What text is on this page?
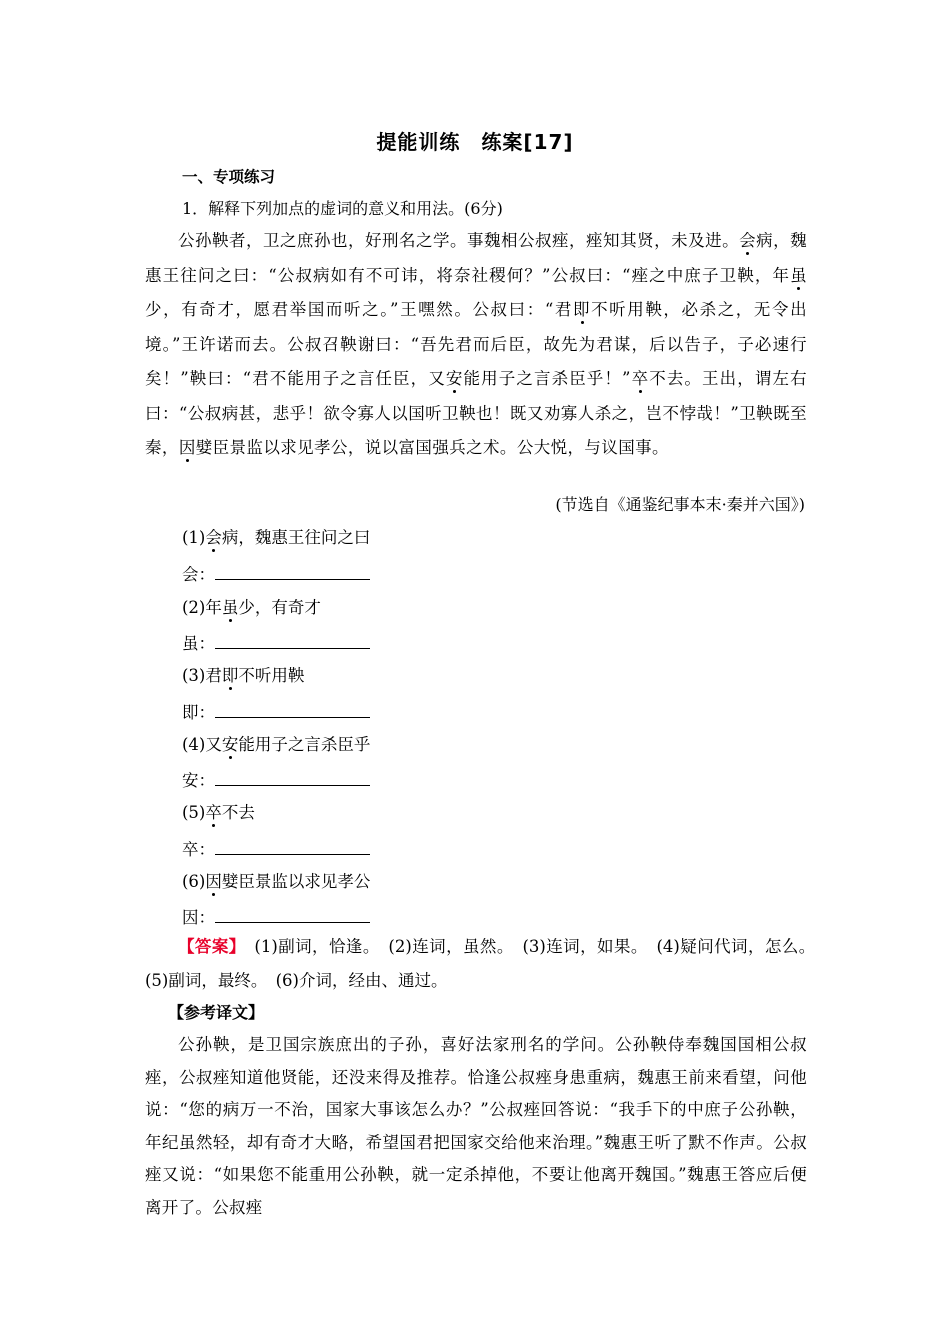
提能训练　 练案[17]
一、专项练习
1．解释下列加点的虚词的意义和用法。(6分)
公孙鞅者，卫之庶孙也，好刑名之学。事魏相公叔痤，痤知其贤，未及进。会病，魏惠王往问之曰：“公叔病如有不可讳，将奈社稷何？”公叔曰：“痤之中庶子卫鞅，年虽少，有奇才，愿君举国而听之。”王嘿然。公叔曰：“君即不听用鞅，必杀之，无令出境。”王许诺而去。公叔召鞅谢曰：“吾先君而后臣，故先为君谋，后以告子，子必速行矣！”鞅曰：“君不能用子之言任臣，又安能用子之言杀臣乎！”卒不去。王出，谓左右曰：“公叔病甚，悲乎！欲令寡人以国听卫鞅也！既又劝寡人杀之，岂不悖哉！”卫鞅既至秦，因嬖臣景监以求见孝公，说以富国强兵之术。公大悦，与议国事。
(节选自《通鉴纪事本末·秦并六国》)
(1)会病，魏惠王往问之曰
会：
(2)年虽少，有奇才
虽：
(3)君即不听用鞅
即：
(4)又安能用子之言杀臣乎
安：
(5)卒不去
卒：
(6)因嬖臣景监以求见孝公
因：
【答案】　 (1)副词，恰逢。　(2)连词，虽然。　(3)连词，如果。　(4)疑问代词，怎么。　(5)副词，最终。　(6)介词，经由、通过。
【参考译文】
公孙鞅，是卫国宗族庶出的子孙，喜好法家刑名的学问。公孙鞅侍奉魏国国相公叔痤，公叔痤知道他贤能，还没来得及推荐。恰逢公叔痤身患重病，魏惠王前来看望，问他说：“您的病万一不治，国家大事该怎么办？”公叔痤回答说：“我手下的中庶子公孙鞅，年纪虽然轻，却有奇才大略，希望国君把国家交给他来治理。”魏惠王听了默不作声。公叔痤又说：“如果您不能重用公孙鞅，就一定杀掉他，不要让他离开魏国。”魏惠王答应后便离开了。公叔痤
